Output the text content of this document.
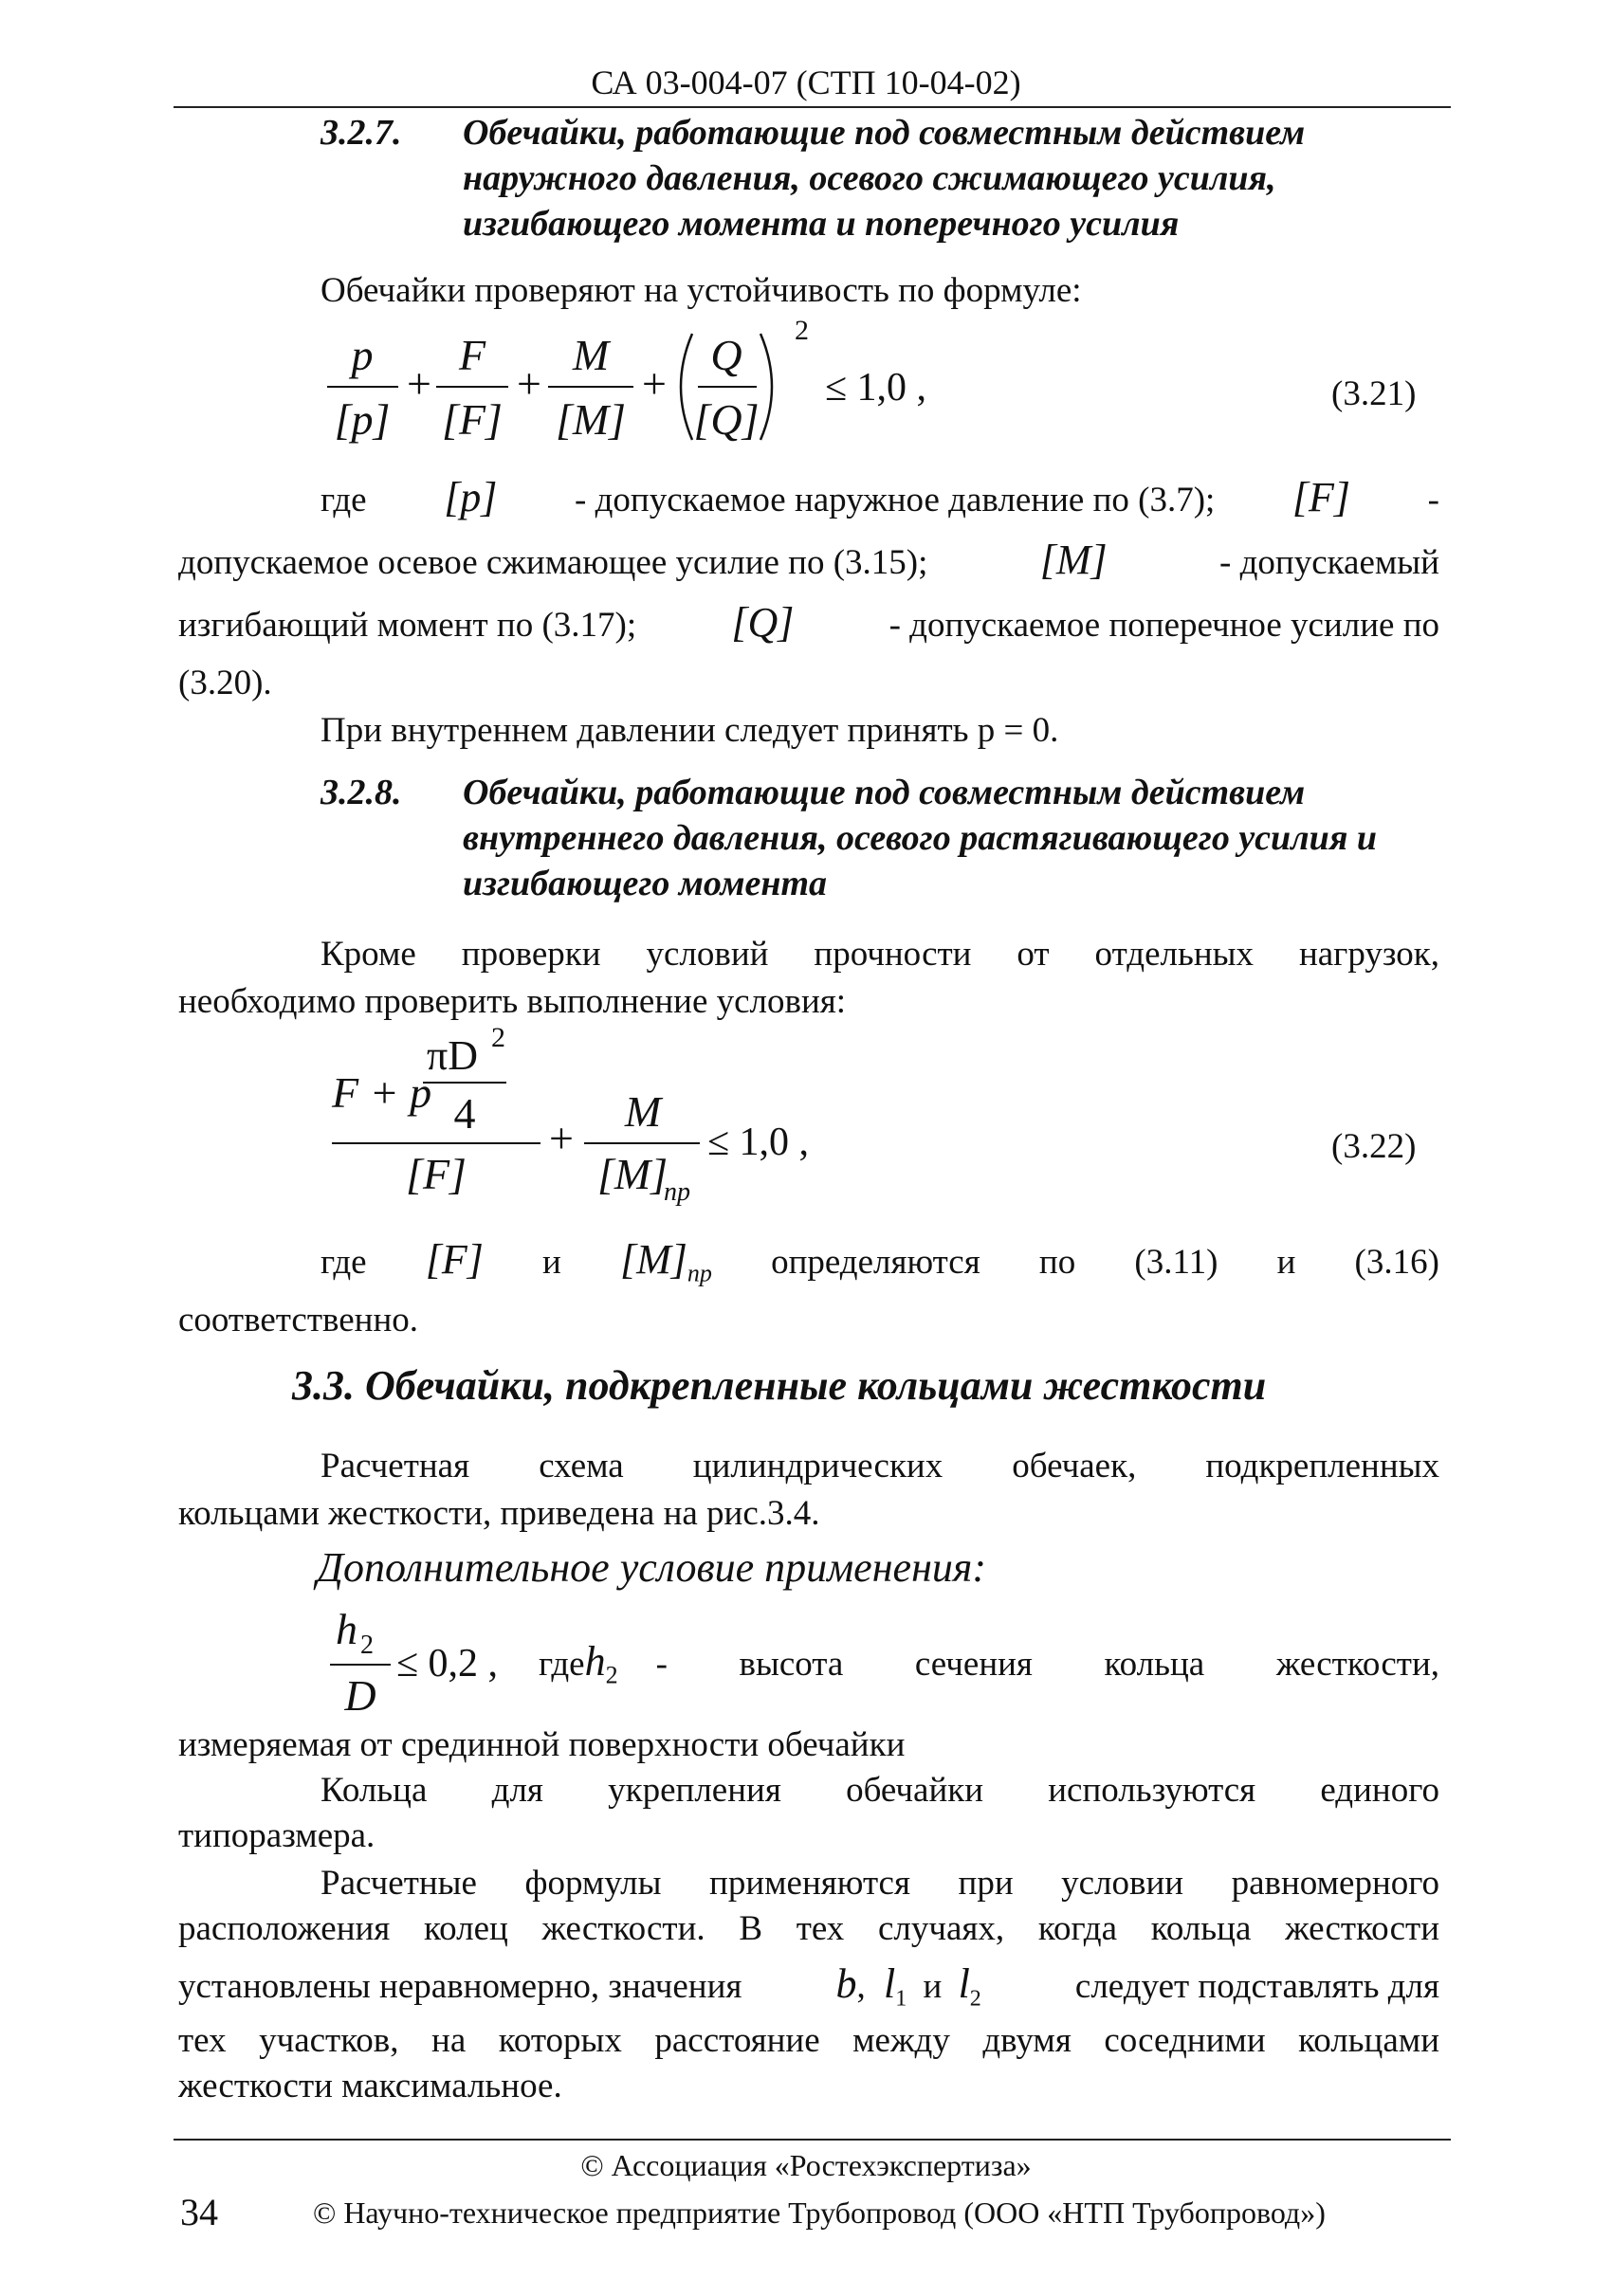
СА 03-004-07 (СТП 10-04-02)
3.2.7. Обечайки, работающие под совместным действием наружного давления, осевого сжимающего усилия, изгибающего момента и поперечного усилия
Обечайки проверяют на устойчивость по формуле:
p
[p]
+
F
[F]
+
M
[M]
+
Q
[Q]
2
≤ 1,0 ,	(3.21)
где [p] - допускаемое наружное давление по (3.7); [F] -
допускаемое осевое сжимающее усилие по (3.15);	[M]	- допускаемый
изгибающий момент по (3.17); [Q]	- допускаемое поперечное усилие по
(3.20).
При внутреннем давлении следует принять p = 0.
3.2.8. Обечайки, работающие под совместным действием внутреннего давления, осевого растягивающего усилия и изгибающего момента
Кроме проверки условий прочности от отдельных нагрузок,
необходимо проверить выполнение условия:
πD 2
F + p 4
[F]
+
M
[M]
пр
≤ 1,0 ,	(3.22)
где [F] и $[M]_{пр}$ определяются по (3.11) и (3.16)
соответственно.
3.3. Обечайки, подкрепленные кольцами жесткости
Расчетная схема цилиндрических обечаек, подкрепленных
кольцами жесткости, приведена на рис.3.4.
Дополнительное условие применения:
h 2
D
≤ 0,2 , где $h_2$ - высота сечения кольца жесткости,
измеряемая от срединной поверхности обечайки
Кольца для укрепления обечайки используются единого
типоразмера.
Расчетные формулы применяются при условии равномерного
расположения колец жесткости. В тех случаях, когда кольца жесткости
установлены неравномерно, значения b, $l_1$ и $l_2$	следует подставлять для
тех участков, на которых расстояние между двумя соседними кольцами
жесткости максимальное.
© Ассоциация «Ростехэкспертиза»
34	© Научно-техническое предприятие Трубопровод (ООО «НТП Трубопровод»)
